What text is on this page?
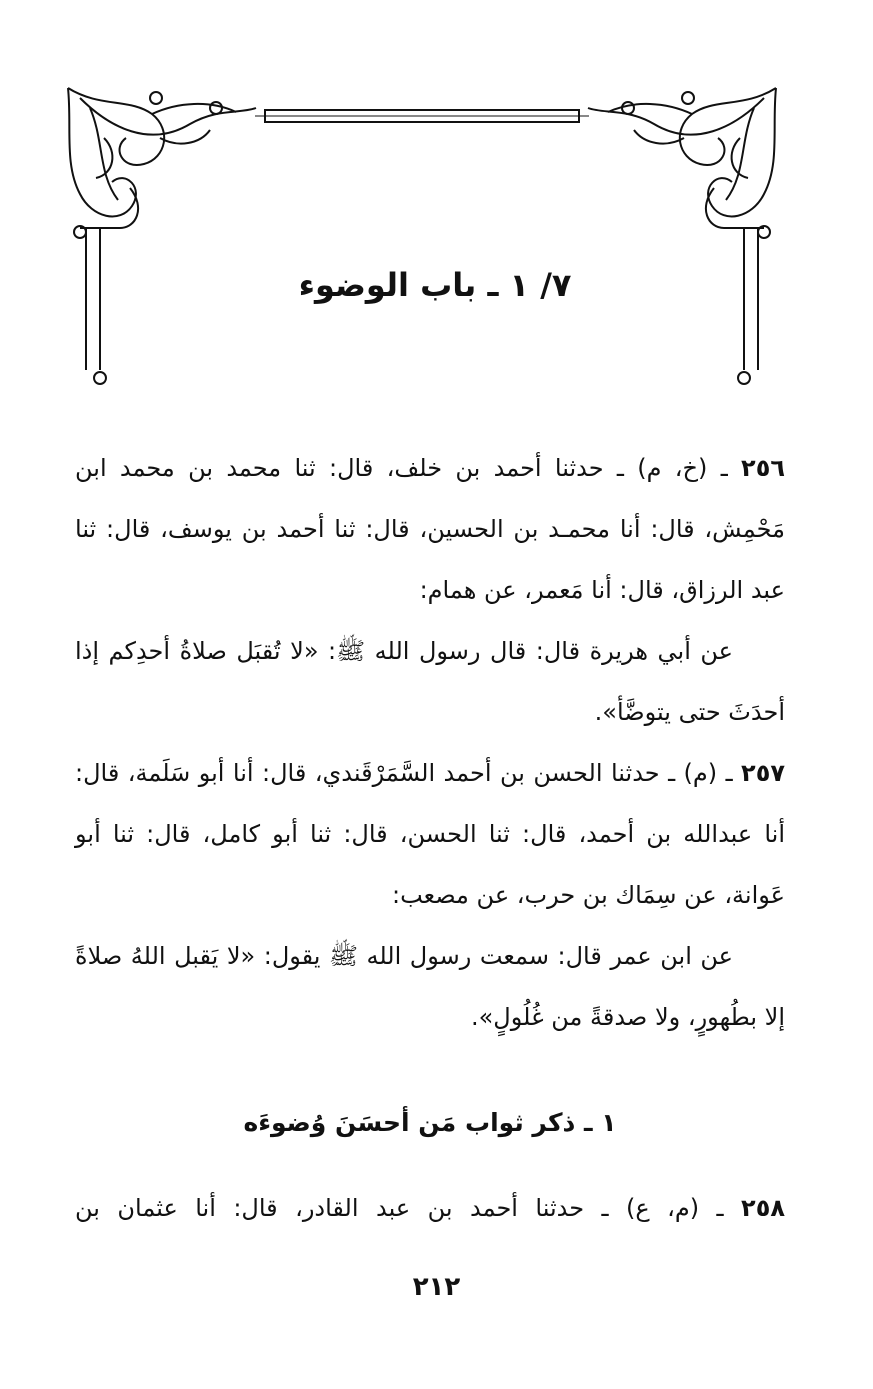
٧/ ١ ـ باب الوضوء

٢٥٦ ـ (خ، م) ـ حدثنا أحمد بن خلف، قال: ثنا محمد بن محمد ابن مَحْمِش، قال: أنا محمـد بن الحسين، قال: ثنا أحمد بن يوسف، قال: ثنا عبد الرزاق، قال: أنا مَعمر، عن همام:

عن أبي هريرة قال: قال رسول الله ﷺ: «لا تُقبَل صلاةُ أحدِكم إذا أحدَثَ حتى يتوضَّأ».

٢٥٧ ـ (م) ـ حدثنا الحسن بن أحمد السَّمَرْقَندي، قال: أنا أبو سَلَمة، قال: أنا عبدالله بن أحمد، قال: ثنا الحسن، قال: ثنا أبو كامل، قال: ثنا أبو عَوانة، عن سِمَاك بن حرب، عن مصعب:

عن ابن عمر قال: سمعت رسول الله ﷺ يقول: «لا يَقبل اللهُ صلاةً إلا بطُهورٍ، ولا صدقةً من غُلُولٍ».

١ ـ ذكر ثواب مَن أحسَنَ وُضوءَه
٢٥٨ ـ (م، ع) ـ حدثنا أحمد بن عبد القادر، قال: أنا عثمان بن
٢١٢
